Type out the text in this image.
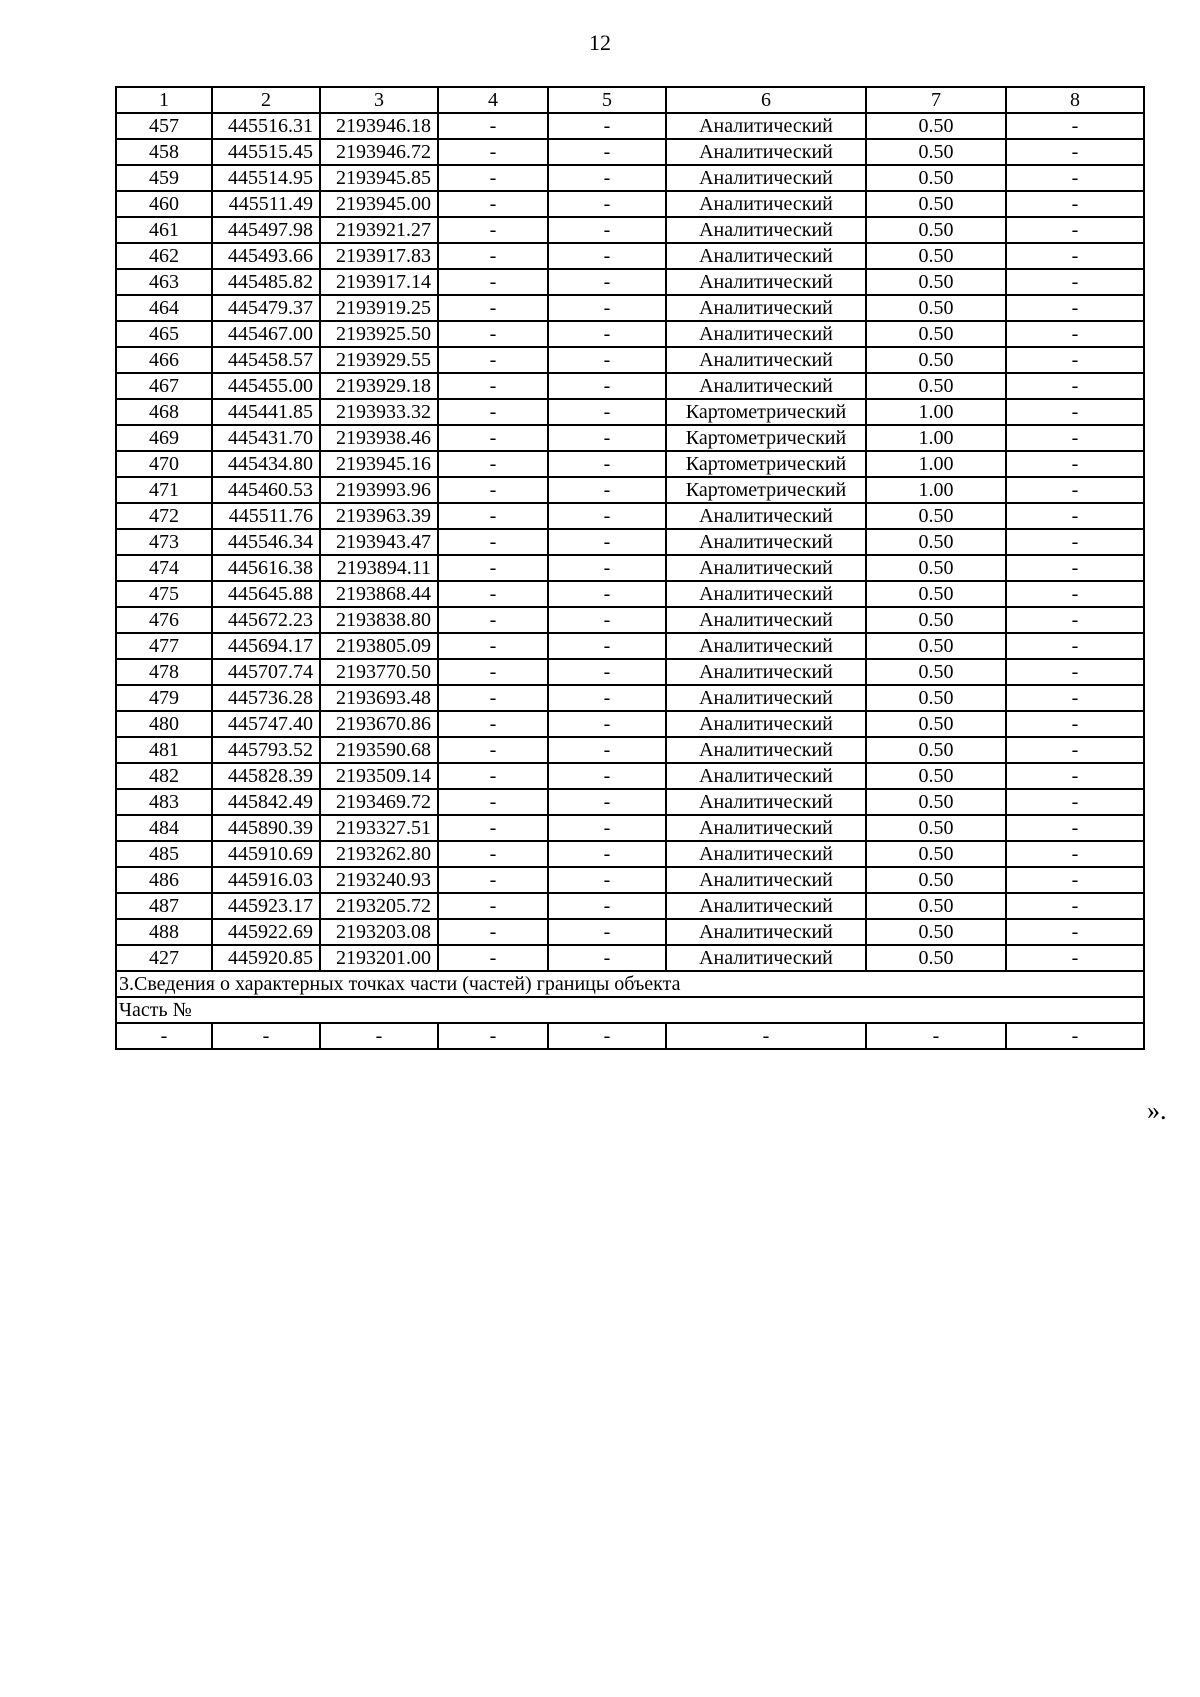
12
1	2	3	4	5	6	7	8
457	445516.31	2193946.18	-	-	Аналитический	0.50	-
458	445515.45	2193946.72	-	-	Аналитический	0.50	-
459	445514.95	2193945.85	-	-	Аналитический	0.50	-
460	445511.49	2193945.00	-	-	Аналитический	0.50	-
461	445497.98	2193921.27	-	-	Аналитический	0.50	-
462	445493.66	2193917.83	-	-	Аналитический	0.50	-
463	445485.82	2193917.14	-	-	Аналитический	0.50	-
464	445479.37	2193919.25	-	-	Аналитический	0.50	-
465	445467.00	2193925.50	-	-	Аналитический	0.50	-
466	445458.57	2193929.55	-	-	Аналитический	0.50	-
467	445455.00	2193929.18	-	-	Аналитический	0.50	-
468	445441.85	2193933.32	-	-	Картометрический	1.00	-
469	445431.70	2193938.46	-	-	Картометрический	1.00	-
470	445434.80	2193945.16	-	-	Картометрический	1.00	-
471	445460.53	2193993.96	-	-	Картометрический	1.00	-
472	445511.76	2193963.39	-	-	Аналитический	0.50	-
473	445546.34	2193943.47	-	-	Аналитический	0.50	-
474	445616.38	2193894.11	-	-	Аналитический	0.50	-
475	445645.88	2193868.44	-	-	Аналитический	0.50	-
476	445672.23	2193838.80	-	-	Аналитический	0.50	-
477	445694.17	2193805.09	-	-	Аналитический	0.50	-
478	445707.74	2193770.50	-	-	Аналитический	0.50	-
479	445736.28	2193693.48	-	-	Аналитический	0.50	-
480	445747.40	2193670.86	-	-	Аналитический	0.50	-
481	445793.52	2193590.68	-	-	Аналитический	0.50	-
482	445828.39	2193509.14	-	-	Аналитический	0.50	-
483	445842.49	2193469.72	-	-	Аналитический	0.50	-
484	445890.39	2193327.51	-	-	Аналитический	0.50	-
485	445910.69	2193262.80	-	-	Аналитический	0.50	-
486	445916.03	2193240.93	-	-	Аналитический	0.50	-
487	445923.17	2193205.72	-	-	Аналитический	0.50	-
488	445922.69	2193203.08	-	-	Аналитический	0.50	-
427	445920.85	2193201.00	-	-	Аналитический	0.50	-
3.Сведения о характерных точках части (частей) границы объекта							
Часть №							
-	-	-	-	-	-	-	-
».
